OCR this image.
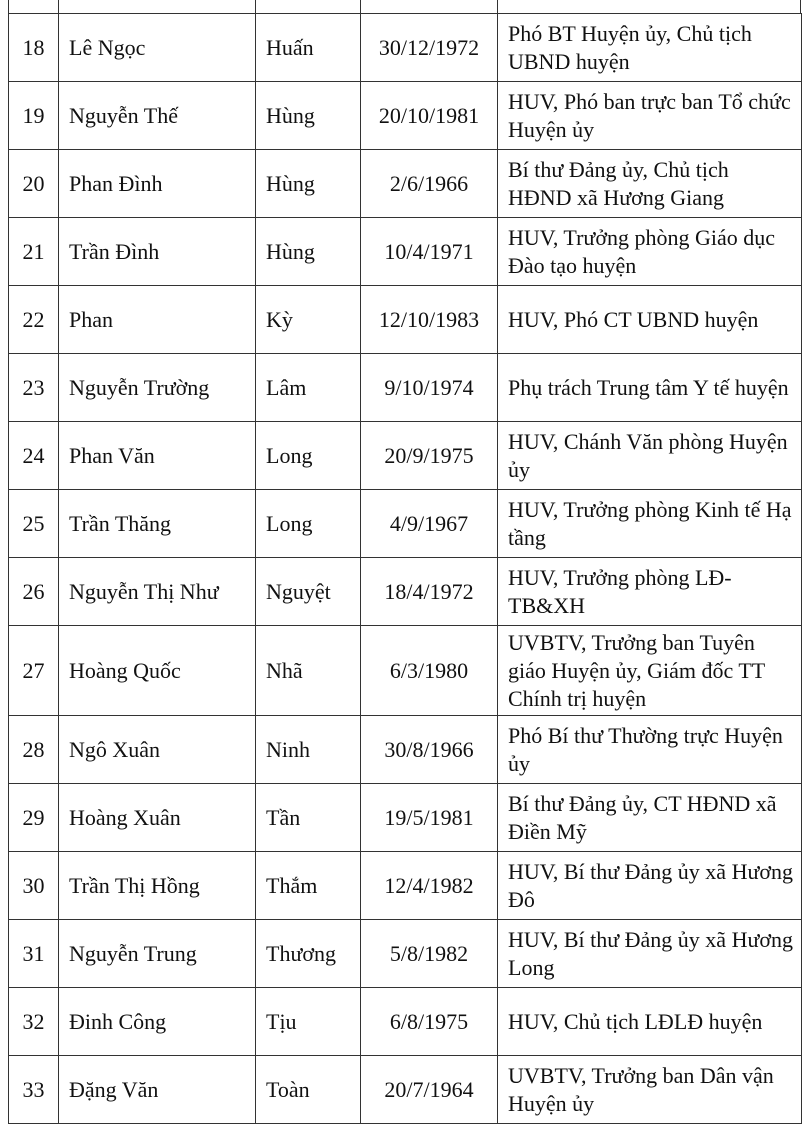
18	Lê Ngọc	Huấn	30/12/1972	Phó BT Huyện ủy, Chủ tịch UBND huyện
19	Nguyễn Thế	Hùng	20/10/1981	HUV, Phó ban trực ban Tổ chức Huyện ủy
20	Phan Đình	Hùng	2/6/1966	Bí thư Đảng ủy, Chủ tịch HĐND xã Hương Giang
21	Trần Đình	Hùng	10/4/1971	HUV, Trưởng phòng Giáo dục Đào tạo huyện
22	Phan	Kỳ	12/10/1983	HUV, Phó CT UBND huyện
23	Nguyễn Trường	Lâm	9/10/1974	Phụ trách Trung tâm Y tế huyện
24	Phan Văn	Long	20/9/1975	HUV, Chánh Văn phòng Huyện ủy
25	Trần Thăng	Long	4/9/1967	HUV, Trưởng phòng Kinh tế Hạ tầng
26	Nguyễn Thị Như	Nguyệt	18/4/1972	HUV, Trưởng phòng LĐ-TB&XH
27	Hoàng Quốc	Nhã	6/3/1980	UVBTV, Trưởng ban Tuyên giáo Huyện ủy, Giám đốc TT Chính trị huyện
28	Ngô Xuân	Ninh	30/8/1966	Phó Bí thư Thường trực Huyện ủy
29	Hoàng Xuân	Tần	19/5/1981	Bí thư Đảng ủy, CT HĐND xã Điền Mỹ
30	Trần Thị Hồng	Thắm	12/4/1982	HUV, Bí thư Đảng ủy xã Hương Đô
31	Nguyễn Trung	Thương	5/8/1982	HUV, Bí thư Đảng ủy xã Hương Long
32	Đinh Công	Tịu	6/8/1975	HUV, Chủ tịch LĐLĐ huyện
33	Đặng Văn	Toàn	20/7/1964	UVBTV, Trưởng ban Dân vận Huyện ủy
